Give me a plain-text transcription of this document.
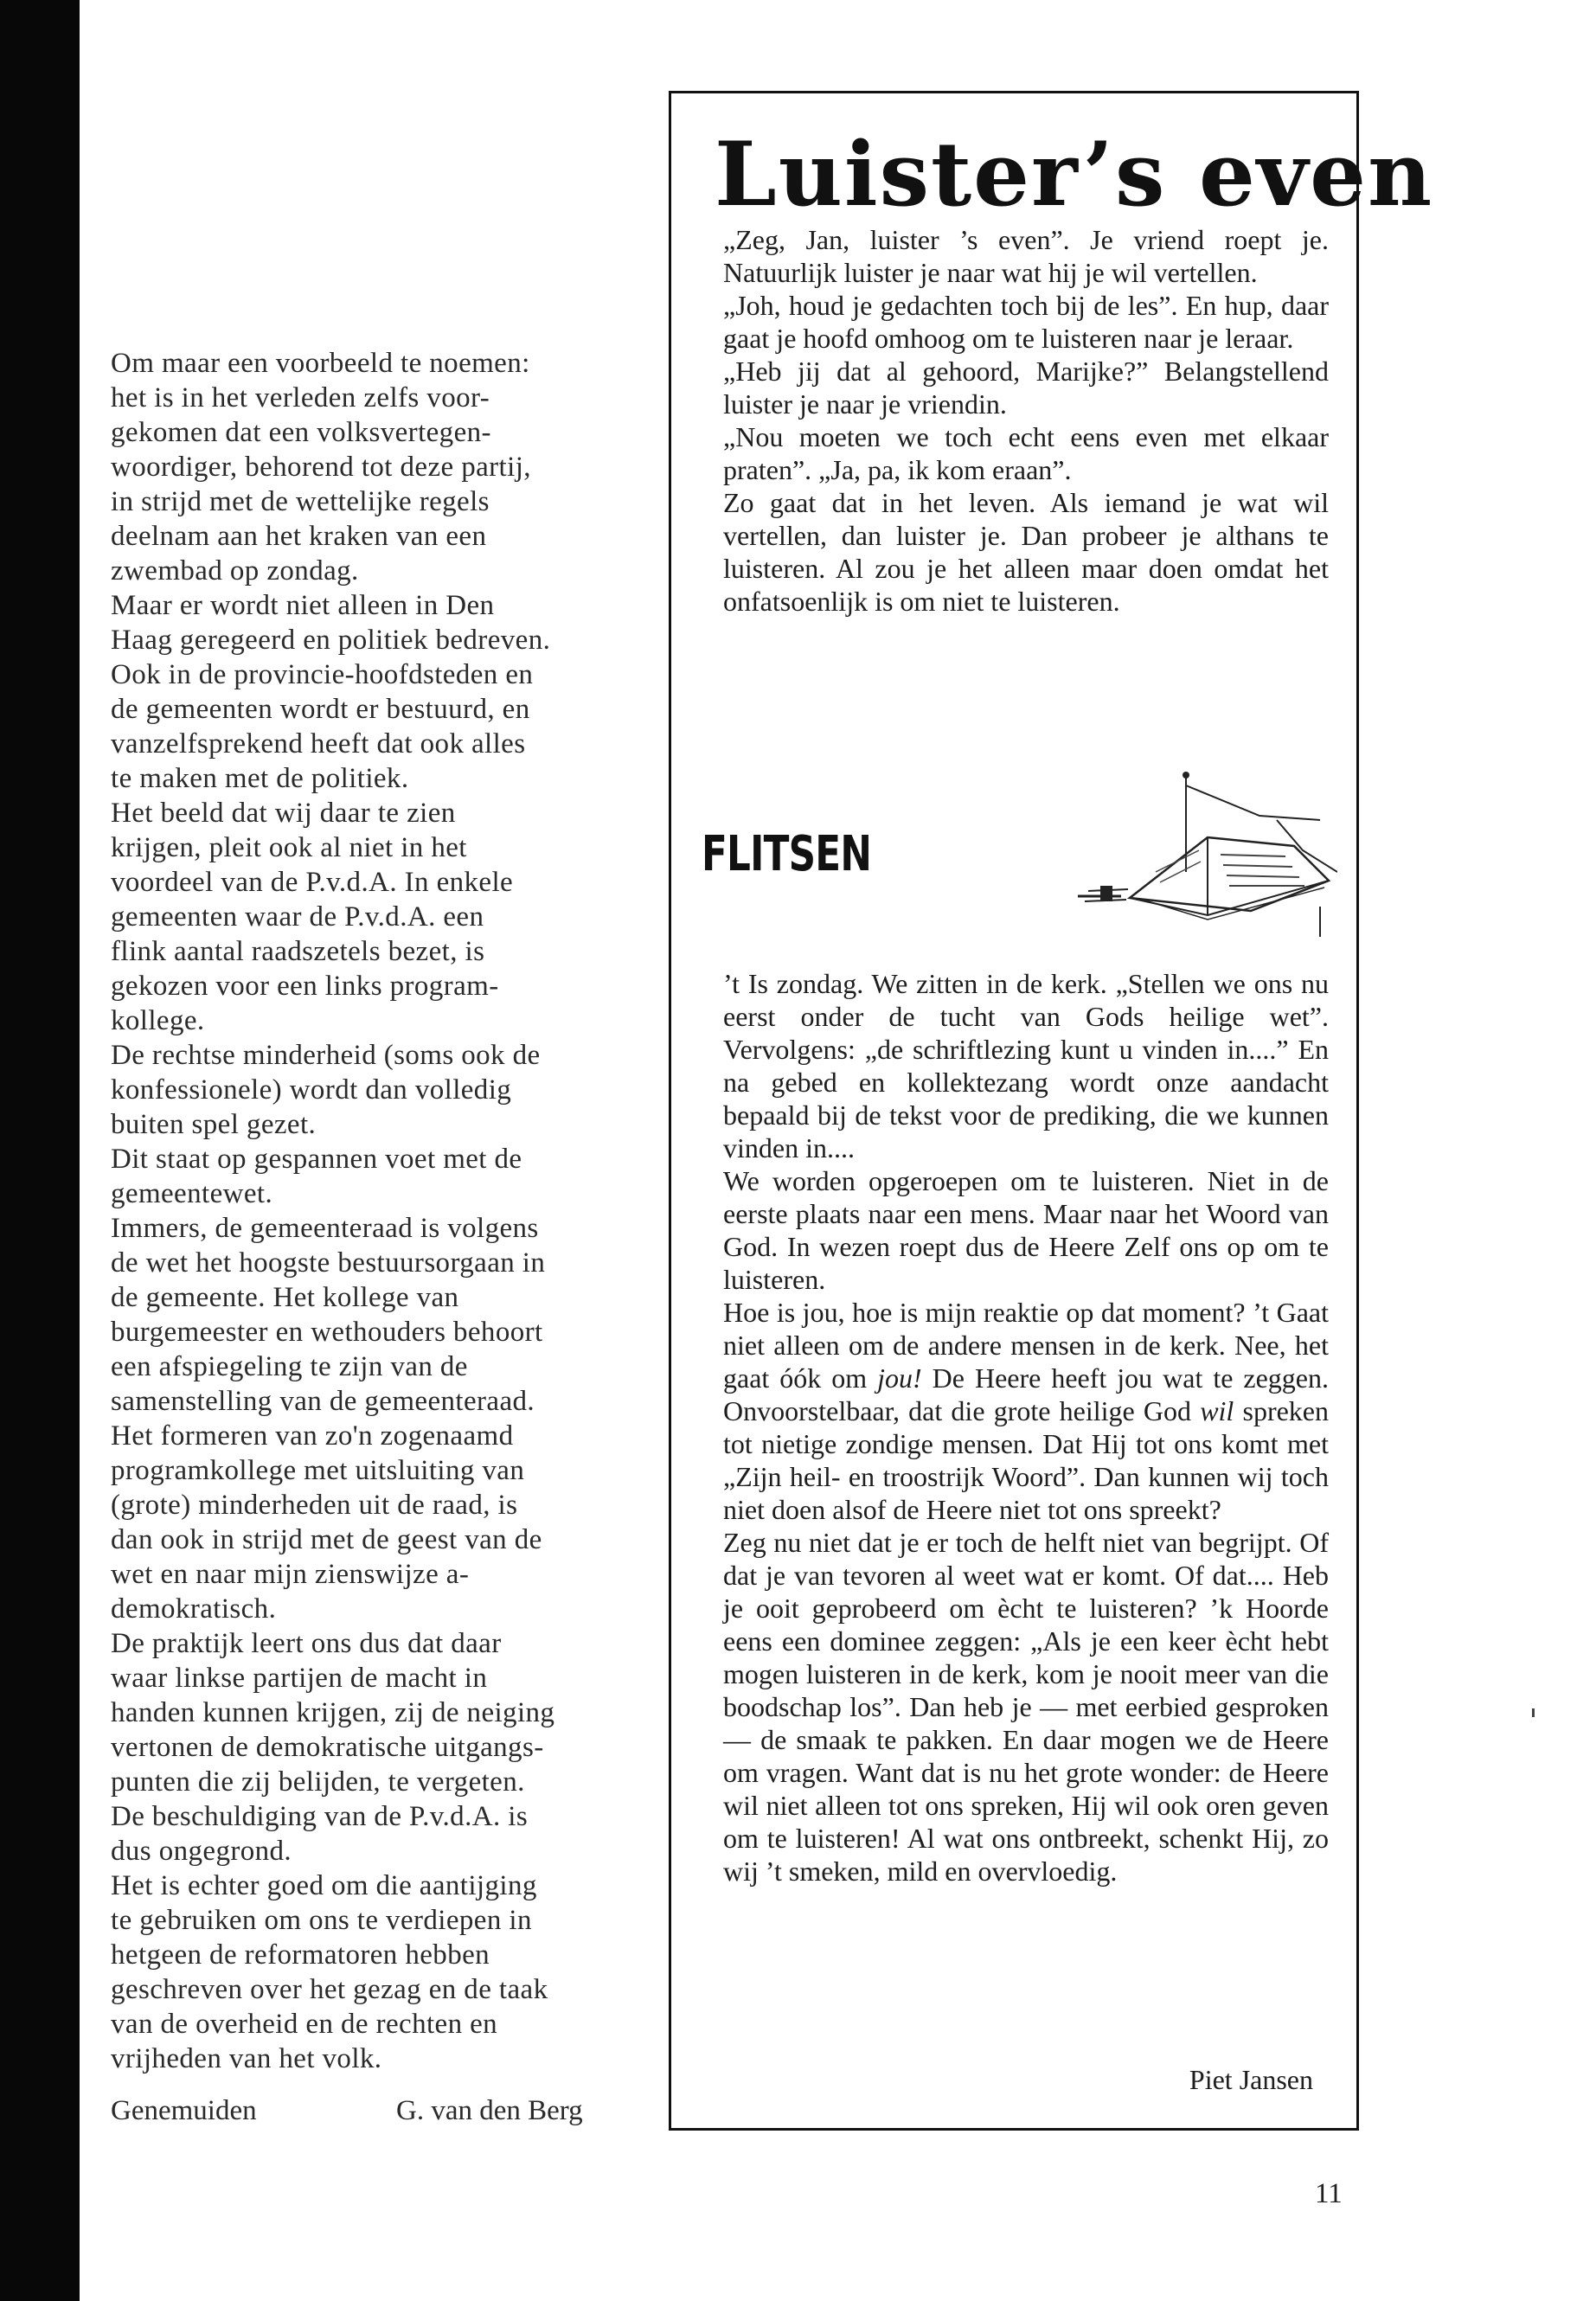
Om maar een voorbeeld te noemen:

het is in het verleden zelfs voor-

gekomen dat een volksvertegen-

woordiger, behorend tot deze partij,

in strijd met de wettelijke regels

deelnam aan het kraken van een

zwembad op zondag.

Maar er wordt niet alleen in Den

Haag geregeerd en politiek bedreven.

Ook in de provincie-hoofdsteden en

de gemeenten wordt er bestuurd, en

vanzelfsprekend heeft dat ook alles

te maken met de politiek.

Het beeld dat wij daar te zien

krijgen, pleit ook al niet in het

voordeel van de P.v.d.A. In enkele

gemeenten waar de P.v.d.A. een

flink aantal raadszetels bezet, is

gekozen voor een links program-

kollege.

De rechtse minderheid (soms ook de

konfessionele) wordt dan volledig

buiten spel gezet.

Dit staat op gespannen voet met de

gemeentewet.

Immers, de gemeenteraad is volgens

de wet het hoogste bestuursorgaan in

de gemeente. Het kollege van

burgemeester en wethouders behoort

een afspiegeling te zijn van de

samenstelling van de gemeenteraad.

Het formeren van zo'n zogenaamd

programkollege met uitsluiting van

(grote) minderheden uit de raad, is

dan ook in strijd met de geest van de

wet en naar mijn zienswijze a-

demokratisch.

De praktijk leert ons dus dat daar

waar linkse partijen de macht in

handen kunnen krijgen, zij de neiging

vertonen de demokratische uitgangs-

punten die zij belijden, te vergeten.

De beschuldiging van de P.v.d.A. is

dus ongegrond.

Het is echter goed om die aantijging

te gebruiken om ons te verdiepen in

hetgeen de reformatoren hebben

geschreven over het gezag en de taak

van de overheid en de rechten en

vrijheden van het volk.

Genemuiden	G. van den Berg
Luister’s even

„Zeg, Jan, luister ’s even”. Je vriend roept je. Natuurlijk luister je naar wat hij je wil vertellen.

„Joh, houd je gedachten toch bij de les”. En hup, daar gaat je hoofd omhoog om te luisteren naar je leraar.

„Heb jij dat al gehoord, Marijke?” Belangstellend luister je naar je vriendin.

„Nou moeten we toch echt eens even met elkaar praten”. „Ja, pa, ik kom eraan”.

Zo gaat dat in het leven. Als iemand je wat wil vertellen, dan luister je. Dan probeer je althans te luisteren. Al zou je het alleen maar doen omdat het onfatsoenlijk is om niet te luisteren.

FLITSEN

’t Is zondag. We zitten in de kerk. „Stellen we ons nu eerst onder de tucht van Gods heilige wet”. Vervolgens: „de schriftlezing kunt u vinden in....” En na gebed en kollektezang wordt onze aandacht bepaald bij de tekst voor de prediking, die we kunnen vinden in....

We worden opgeroepen om te luisteren. Niet in de eerste plaats naar een mens. Maar naar het Woord van God. In wezen roept dus de Heere Zelf ons op om te luisteren.

Hoe is jou, hoe is mijn reaktie op dat moment? ’t Gaat niet alleen om de andere mensen in de kerk. Nee, het gaat óók om jou! De Heere heeft jou wat te zeggen. Onvoorstelbaar, dat die grote heilige God wil spreken tot nietige zondige mensen. Dat Hij tot ons komt met „Zijn heil- en troostrijk Woord”. Dan kunnen wij toch niet doen alsof de Heere niet tot ons spreekt?

Zeg nu niet dat je er toch de helft niet van begrijpt. Of dat je van tevoren al weet wat er komt. Of dat.... Heb je ooit geprobeerd om ècht te luisteren? ’k Hoorde eens een dominee zeggen: „Als je een keer ècht hebt mogen luisteren in de kerk, kom je nooit meer van die boodschap los”. Dan heb je — met eerbied gesproken — de smaak te pakken. En daar mogen we de Heere om vragen. Want dat is nu het grote wonder: de Heere wil niet alleen tot ons spreken, Hij wil ook oren geven om te luisteren! Al wat ons ontbreekt, schenkt Hij, zo wij ’t smeken, mild en overvloedig.

Piet Jansen

11
